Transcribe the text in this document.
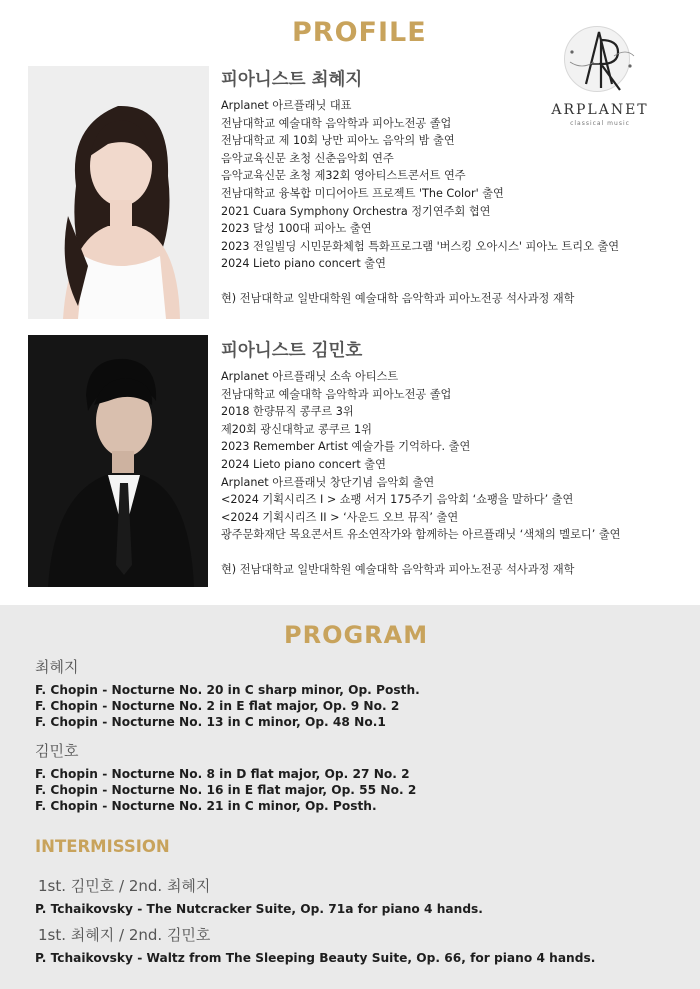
PROFILE
ARPLANET
classical music
피아니스트 최혜지
Arplanet 아르플래닛 대표
전남대학교 예술대학 음악학과 피아노전공 졸업
전남대학교 제 10회 낭만 피아노 음악의 밤 출연
음악교육신문 초청 신춘음악회 연주
음악교육신문 초청 제32회 영아티스트콘서트 연주
전남대학교 융복합 미디어아트 프로젝트 'The Color' 출연
2021 Cuara Symphony Orchestra 정기연주회 협연
2023 달성 100대 피아노 출연
2023 전일빌딩 시민문화체험 특화프로그램 '버스킹 오아시스' 피아노 트리오 출연
2024 Lieto piano concert 출연
현) 전남대학교 일반대학원 예술대학 음악학과 피아노전공 석사과정 재학
피아니스트 김민호
Arplanet 아르플래닛 소속 아티스트
전남대학교 예술대학 음악학과 피아노전공 졸업
2018 한량뮤직 콩쿠르 3위
제20회 광신대학교 콩쿠르 1위
2023 Remember Artist 예술가를 기억하다. 출연
2024 Lieto piano concert 출연
Arplanet 아르플래닛 창단기념 음악회 출연
<2024 기획시리즈 I > 쇼팽 서거 175주기 음악회 ‘쇼팽을 말하다’ 출연
<2024 기획시리즈 II > ‘사운드 오브 뮤직’ 출연
광주문화재단 목요콘서트 유소연작가와 함께하는 아르플래닛 ‘색채의 멜로디’ 출연
현) 전남대학교 일반대학원 예술대학 음악학과 피아노전공 석사과정 재학
PROGRAM
최혜지
F. Chopin - Nocturne No. 20 in C sharp minor, Op. Posth.
F. Chopin - Nocturne No. 2 in E flat major, Op. 9 No. 2
F. Chopin - Nocturne No. 13 in C minor, Op. 48 No.1
김민호
F. Chopin - Nocturne No. 8 in D flat major, Op. 27 No. 2
F. Chopin - Nocturne No. 16 in E flat major, Op. 55 No. 2
F. Chopin - Nocturne No. 21 in C minor, Op. Posth.
INTERMISSION
1st. 김민호 / 2nd. 최혜지
P. Tchaikovsky - The Nutcracker Suite, Op. 71a for piano 4 hands.
1st. 최혜지 / 2nd. 김민호
P. Tchaikovsky - Waltz from The Sleeping Beauty Suite, Op. 66, for piano 4 hands.
